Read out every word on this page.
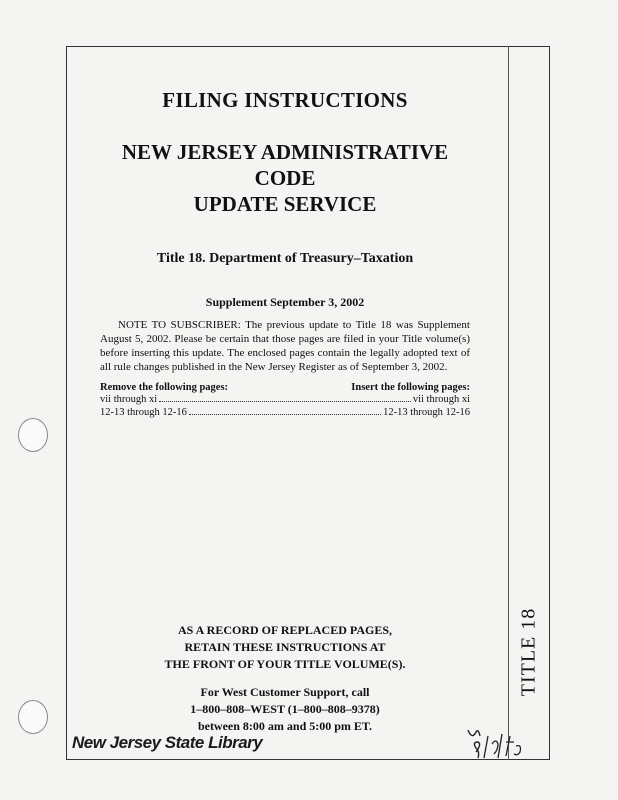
TITLE 18
FILING INSTRUCTIONS
NEW JERSEY ADMINISTRATIVE CODE
UPDATE SERVICE
Title 18. Department of Treasury–Taxation
Supplement September 3, 2002
NOTE TO SUBSCRIBER: The previous update to Title 18 was Supplement August 5, 2002. Please be certain that those pages are filed in your Title volume(s) before inserting this update. The enclosed pages contain the legally adopted text of all rule changes published in the New Jersey Register as of September 3, 2002.
Remove the following pages:	Insert the following pages:
vii through xi	vii through xi
12-13 through 12-16	12-13 through 12-16
AS A RECORD OF REPLACED PAGES,
RETAIN THESE INSTRUCTIONS AT
THE FRONT OF YOUR TITLE VOLUME(S).
For West Customer Support, call
1–800–808–WEST (1–800–808–9378)
between 8:00 am and 5:00 pm ET.
New Jersey State Library
